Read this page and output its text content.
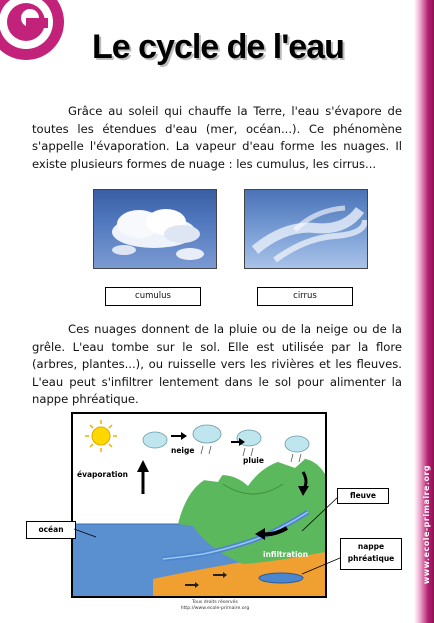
www.ecole-primaire.org
Le cycle de l'eau

Grâce au soleil qui chauffe la Terre, l'eau s'évapore de toutes les étendues d'eau (mer, océan...). Ce phénomène s'appelle l'évaporation. La vapeur d'eau forme les nuages. Il existe plusieurs formes de nuage : les cumulus, les cirrus...

cumulus	cirrus

Ces nuages donnent de la pluie ou de la neige ou de la grêle. L'eau tombe sur le sol. Elle est utilisée par la flore (arbres, plantes...), ou ruisselle vers les rivières et les fleuves. L'eau peut s'infiltrer lentement dans le sol pour alimenter la nappe phréatique.

évaporation
neige
pluie
infiltration
océan
fleuve
nappe
phréatique
Tous droits réservés
http://www.ecole-primaire.org
